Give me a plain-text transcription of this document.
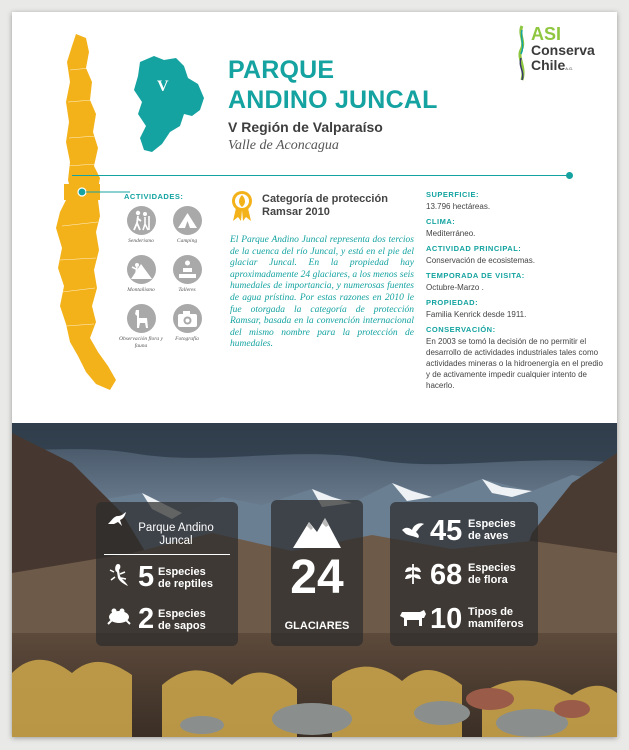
V
PARQUE
ANDINO JUNCAL
V Región de Valparaíso
Valle de Aconcagua
ASI
Conserva
ChileA.G.
ACTIVIDADES:
Senderismo	Camping
Montañismo	Talleres
Observación flora y fauna
Fotografía
Categoría de protección
Ramsar 2010
El Parque Andino Juncal representa dos tercios de la cuenca del río Juncal, y está en el pie del glaciar Juncal. En la propiedad hay aproximadamente 24 glaciares, a los menos seis humedales de importancia, y numerosas fuentes de agua prístina. Por estas razones en 2010 le fue otorgada la categoría de protección Ramsar, basada en la convención internacional del mismo nombre para la protección de humedales.
SUPERFICIE:
13.796 hectáreas.
CLIMA:
Mediterráneo.
ACTIVIDAD PRINCIPAL:
Conservación de ecosistemas.
TEMPORADA DE VISITA:
Octubre-Marzo .
PROPIEDAD:
Familia Kenrick desde 1911.
CONSERVACIÓN:
En 2003 se tomó la decisión de no permitir el desarrollo de actividades industriales tales como actividades mineras o la hidroenergía en el predio y de activamente impedir cualquier intento de hacerlo.
Parque Andino
Juncal
5 Especies
de reptiles
2 Especies
de sapos
24
GLACIARES
45 Especies
de aves
68 Especies
de flora
10 Tipos de
mamíferos
